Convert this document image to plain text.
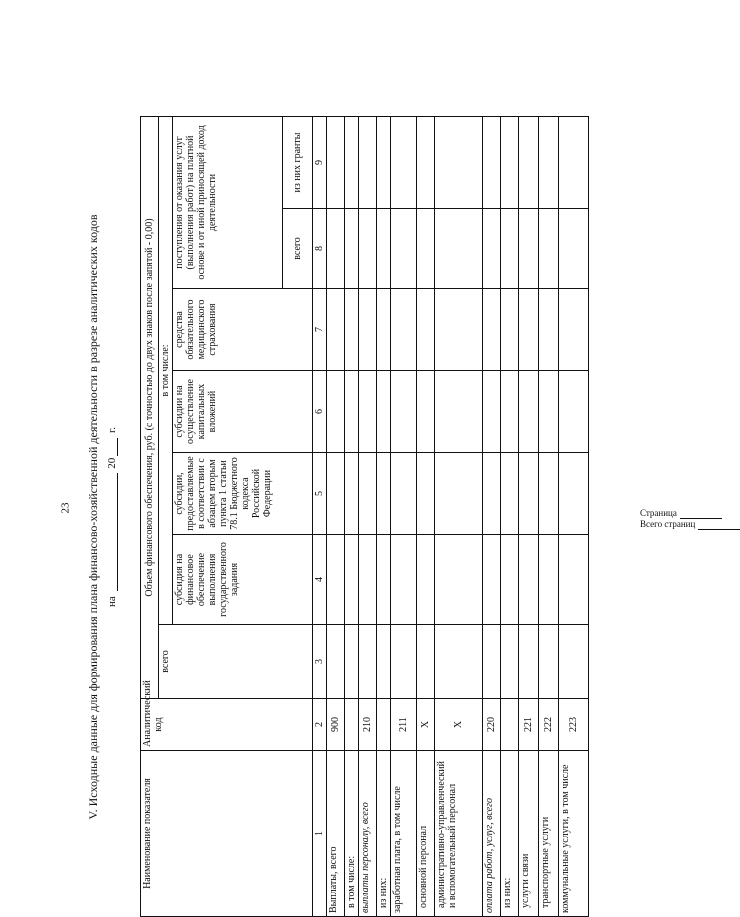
23 V. Исходные данные для формирования плана финансово-хозяйственной деятельности в разрезе аналитических кодов на  20 г.
Наименование показателя	Аналитический код	Объем финансового обеспечения, руб. (с точностью до двух знаков после запятой - 0,00)						
		всего	в том числе:					
			субсидия на финансовое обеспечение выполнения государственного задания	субсидии, предоставляемые в соответствии с абзацем вторым пункта 1 статьи 78.1 Бюджетного кодекса Российской Федерации	субсидии на осуществление капитальных вложений	средства обязательного медицинского страхования	поступления от оказания услуг (выполнения работ) на платной основе и от иной приносящей доход деятельности	
							всего	из них гранты
1	2	3	4	5	6	7	8	9
Выплаты, всего	900							
в том числе:								
выплаты персоналу, всего	210							
из них:								
заработная плата, в том числе	211							
основной персонал	Х							
административно-управленческий и вспомогательный персонал	Х							
оплата работ, услуг, всего	220							
из них:								
услуги связи	221							
транспортные услуги	222							
коммунальные услуги, в том числе	223							
Страница
Всего страниц
